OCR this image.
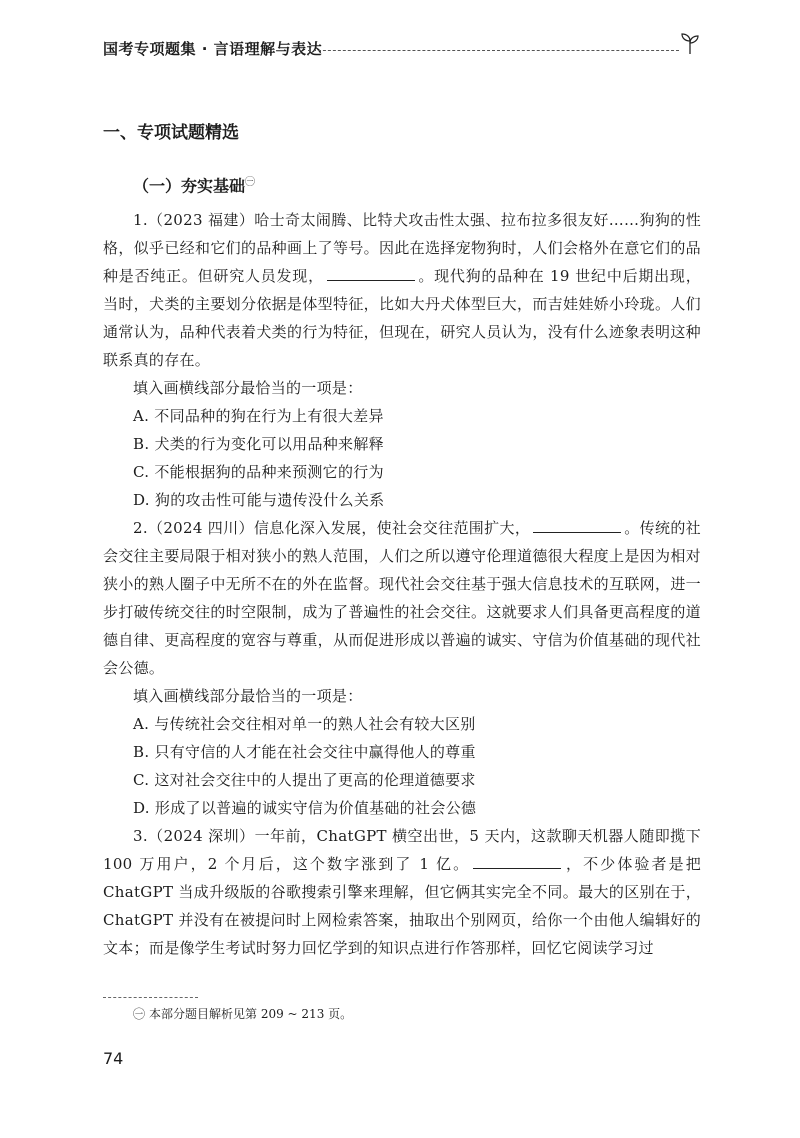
国考专项题集 · 言语理解与表达
一、专项试题精选
（一）夯实基础$^㊀$

1.（2023 福建）哈士奇太闹腾、比特犬攻击性太强、拉布拉多很友好……狗狗的性格，似乎已经和它们的品种画上了等号。因此在选择宠物狗时，人们会格外在意它们的品种是否纯正。但研究人员发现，	。现代狗的品种在 19 世纪中后期出现，当时，犬类的主要划分依据是体型特征，比如大丹犬体型巨大，而吉娃娃娇小玲珑。人们通常认为，品种代表着犬类的行为特征，但现在，研究人员认为，没有什么迹象表明这种联系真的存在。

填入画横线部分最恰当的一项是：

A. 不同品种的狗在行为上有很大差异

B. 犬类的行为变化可以用品种来解释

C. 不能根据狗的品种来预测它的行为

D. 狗的攻击性可能与遗传没什么关系

2.（2024 四川）信息化深入发展，使社会交往范围扩大，	。传统的社会交往主要局限于相对狭小的熟人范围，人们之所以遵守伦理道德很大程度上是因为相对狭小的熟人圈子中无所不在的外在监督。现代社会交往基于强大信息技术的互联网，进一步打破传统交往的时空限制，成为了普遍性的社会交往。这就要求人们具备更高程度的道德自律、更高程度的宽容与尊重，从而促进形成以普遍的诚实、守信为价值基础的现代社会公德。

填入画横线部分最恰当的一项是：

A. 与传统社会交往相对单一的熟人社会有较大区别

B. 只有守信的人才能在社会交往中赢得他人的尊重

C. 这对社会交往中的人提出了更高的伦理道德要求

D. 形成了以普遍的诚实守信为价值基础的社会公德

3.（2024 深圳）一年前，ChatGPT 横空出世，5 天内，这款聊天机器人随即揽下 100 万用户，2 个月后，这个数字涨到了 1 亿。	，不少体验者是把 ChatGPT 当成升级版的谷歌搜索引擎来理解，但它俩其实完全不同。最大的区别在于，ChatGPT 并没有在被提问时上网检索答案，抽取出个别网页，给你一个由他人编辑好的文本；而是像学生考试时努力回忆学到的知识点进行作答那样，回忆它阅读学习过

㊀ 本部分题目解析见第 209 ~ 213 页。
74
